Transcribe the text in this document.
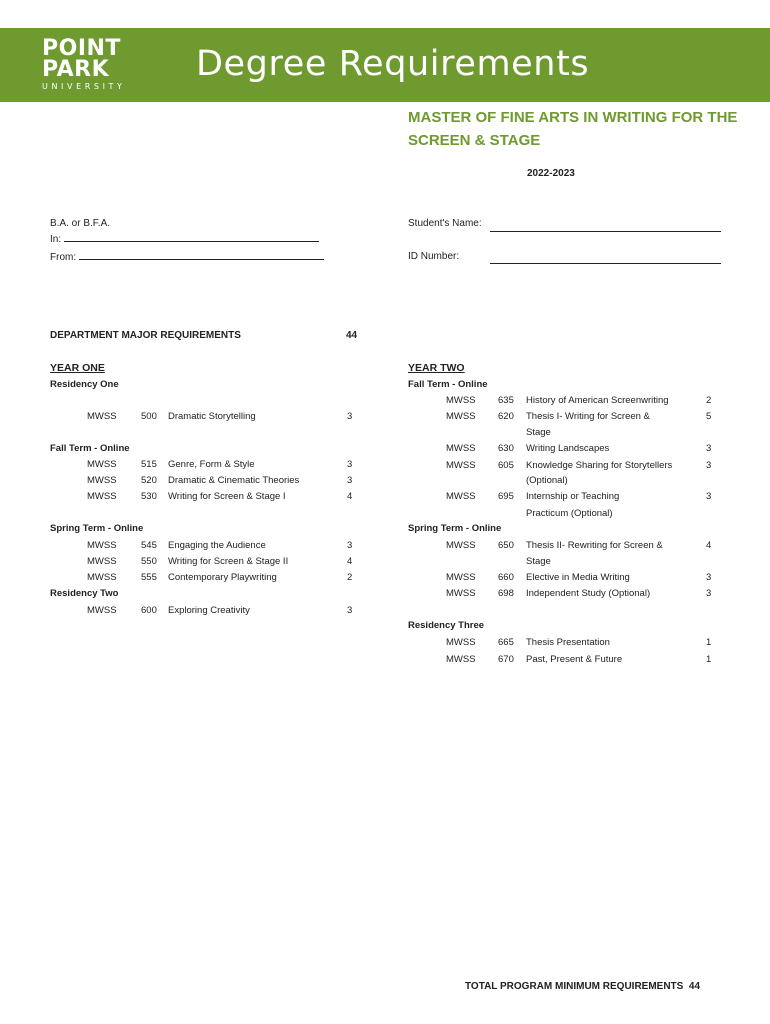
POINT
PARK
UNIVERSITY
Degree Requirements
MASTER OF FINE ARTS IN WRITING FOR THE SCREEN & STAGE
2022-2023
B.A. or B.F.A.
In:
From:
Student's Name:
ID Number:
DEPARTMENT MAJOR REQUIREMENTS	44
YEAR ONE
Residency One
MWSS	500 Dramatic Storytelling	3
Fall Term - Online
MWSS	515 Genre, Form & Style	3
MWSS	520 Dramatic & Cinematic Theories	3
MWSS	530 Writing for Screen & Stage I	4
Spring Term - Online
MWSS	545 Engaging the Audience	3
MWSS	550 Writing for Screen & Stage II	4
MWSS	555 Contemporary Playwriting	2
Residency Two
MWSS	600 Exploring Creativity	3
YEAR TWO
Fall Term - Online
MWSS 635 History of American Screenwriting	2
MWSS 620 Thesis I- Writing for Screen &	5
Stage
MWSS 630 Writing Landscapes	3
MWSS 605 Knowledge Sharing for Storytellers	3
(Optional)
MWSS 695 Internship or Teaching	3
Practicum (Optional)
Spring Term - Online
MWSS 650 Thesis II- Rewriting for Screen &	4
Stage
MWSS 660 Elective in Media Writing	3
MWSS 698 Independent Study (Optional)	3
Residency Three
MWSS 665 Thesis Presentation	1
MWSS 670 Past, Present & Future	1
TOTAL PROGRAM MINIMUM REQUIREMENTS 44
